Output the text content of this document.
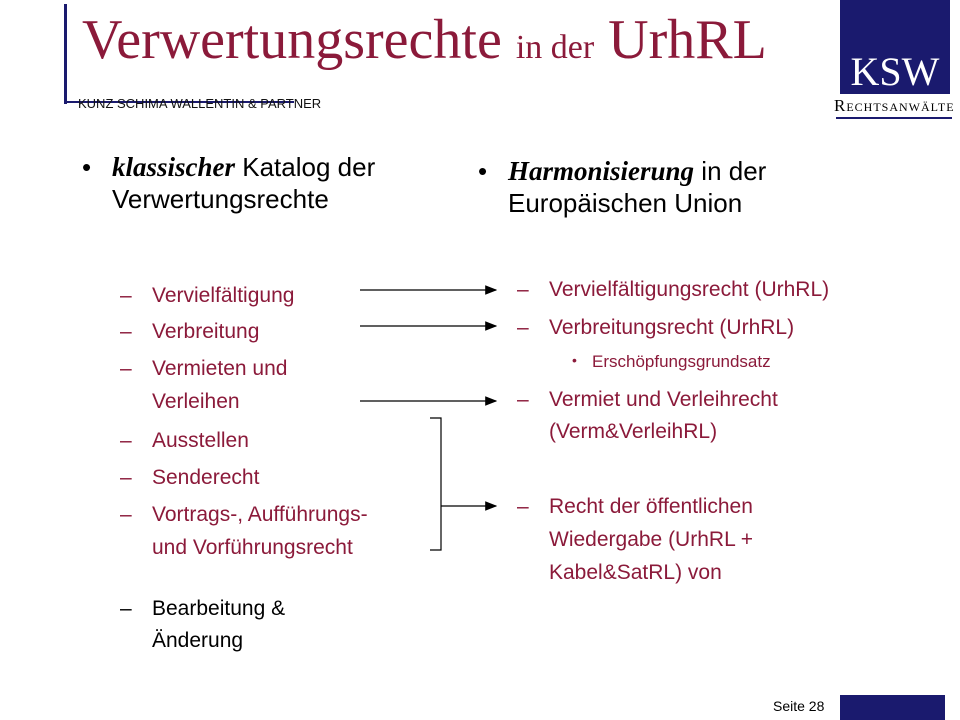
Verwertungsrechte in der UrhRL
KUNZ SCHIMA WALLENTIN & PARTNER
KSW
Rechtsanwälte
• klassischer Katalog der
Verwertungsrechte
– Vervielfältigung
– Verbreitung
– Vermieten und
Verleihen
– Ausstellen
– Senderecht
– Vortrags-, Aufführungs-
und Vorführungsrecht
– Bearbeitung &
Änderung
• Harmonisierung in der
Europäischen Union
– Vervielfältigungsrecht (UrhRL)
– Verbreitungsrecht (UrhRL)
• Erschöpfungsgrundsatz
– Vermiet und Verleihrecht
(Verm&VerleihRL)
– Recht der öffentlichen
Wiedergabe (UrhRL +
Kabel&SatRL) von
Seite 28
